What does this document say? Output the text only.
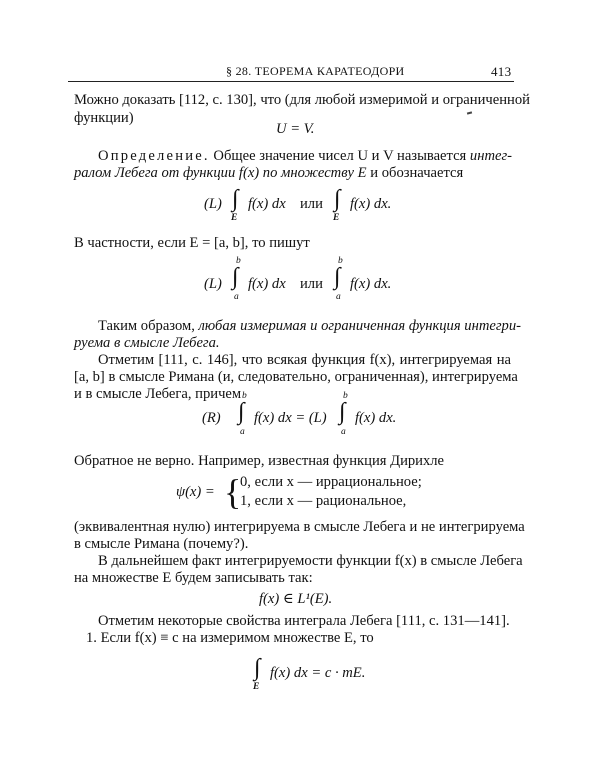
§ 28. ТЕОРЕМА КАРАТЕОДОРИ	413
Можно доказать [112, с. 130], что (для любой измеримой и ограниченной
функции)
U = V.
Определение. Общее значение чисел U и V называется интег-
ралом Лебега от функции f(x) по множеству E и обозначается
(L) ∫
E
f(x) dx или ∫
E
f(x) dx.
В частности, если E = [a, b], то пишут
(L)
b
∫
a
f(x) dx или
b
∫
a
f(x) dx.
Таким образом, любая измеримая и ограниченная функция интегри-
руема в смысле Лебега.
Отметим [111, с. 146], что всякая функция f(x), интегрируемая на
[a, b] в смысле Римана (и, следовательно, ограниченная), интегрируема
и в смысле Лебега, причем
(R)
b
∫
a
f(x) dx = (L)
b
∫
a
f(x) dx.
Обратное не верно. Например, известная функция Дирихле
ψ(x) = {
0, если x — иррациональное;
1, если x — рациональное,
(эквивалентная нулю) интегрируема в смысле Лебега и не интегрируема
в смысле Римана (почему?).
В дальнейшем факт интегрируемости функции f(x) в смысле Лебега
на множестве E будем записывать так:
f(x) ∈ L¹(E).
Отметим некоторые свойства интеграла Лебега [111, с. 131—141].
1. Если f(x) ≡ c на измеримом множестве E, то
∫
E
f(x) dx = c · mE.
